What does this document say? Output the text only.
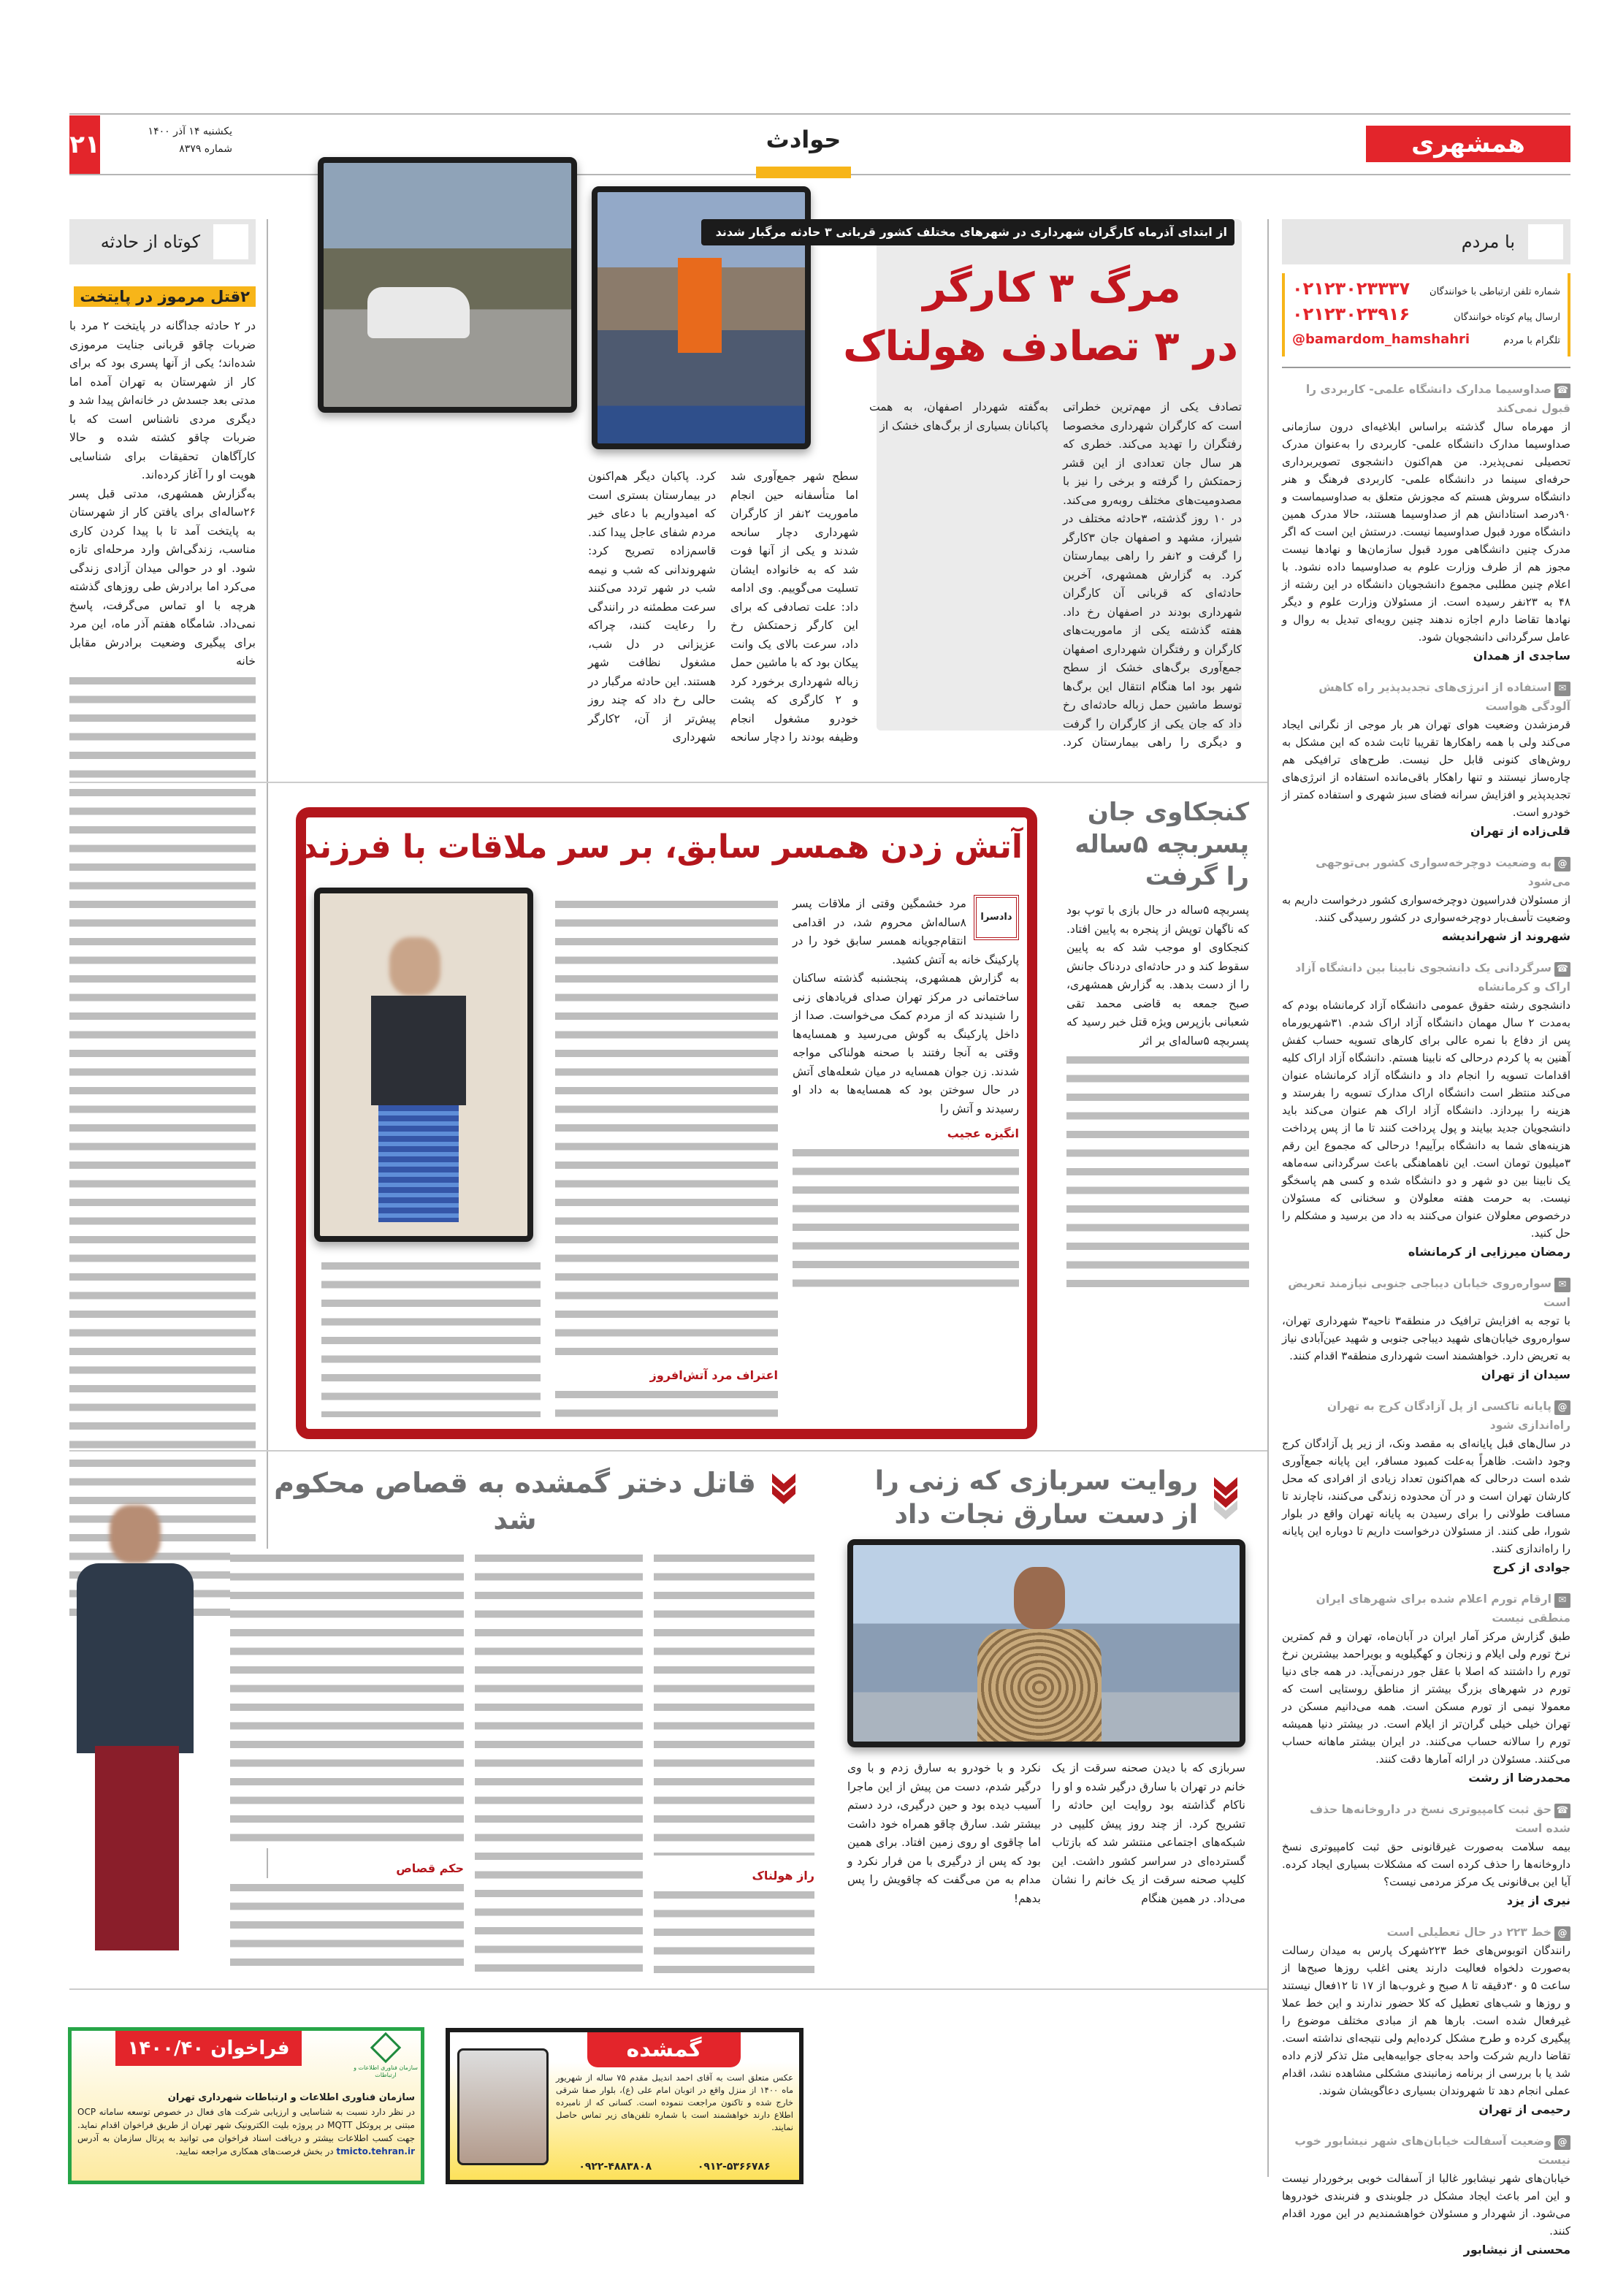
همشهری
۲۱	یکشنبه ۱۴ آذر ۱۴۰۰
شماره ۸۳۷۹	حوادث
با مردم
شماره تلفن ارتباطی با خوانندگان
۰۲۱۲۳۰۲۳۳۳۷
ارسال پیام کوتاه خوانندگان
۰۲۱۲۳۰۲۳۹۱۶
تلگرام با مردم
@bamardom_hamshahri
☎صداوسیما مدارک دانشگاه علمی- کاربردی را قبول نمی‌کند

از مهرماه سال گذشته براساس ابلاغیه‌ای درون سازمانی صداوسیما مدارک دانشگاه علمی- کاربردی را به‌عنوان مدرک تحصیلی نمی‌پذیرد. من هم‌اکنون دانشجوی تصویربرداری حرفه‌ای سینما در دانشگاه علمی- کاربردی فرهنگ و هنر دانشگاه سروش هستم که مجوزش متعلق به صداوسیماست و ۹۰درصد استادانش هم از صداوسیما هستند، حالا مدرک همین دانشگاه مورد قبول صداوسیما نیست. درستش این است که اگر مدرک چنین دانشگاهی مورد قبول سازمان‌ها و نهادها نیست مجوز هم از طرف وزارت علوم به صداوسیما داده نشود. با اعلام چنین مطلبی مجموع دانشجویان دانشگاه در این رشته از ۴۸ به ۲۳نفر رسیده است. از مسئولان وزارت علوم و دیگر نهادها تقاضا دارم اجازه ندهند چنین رویه‌ای تبدیل به روال و عامل سرگردانی دانشجویان شود.

ساجدی از همدان
✉استفاده از انرژی‌های تجدیدپذیر راه کاهش آلودگی هواست

قرمزشدن وضعیت هوای تهران هر بار موجی از نگرانی ایجاد می‌کند ولی با همه راهکارها تقریبا ثابت شده که این مشکل به روش‌های کنونی قابل حل نیست. طرح‌های ترافیکی هم چاره‌ساز نیستند و تنها راهکار باقی‌مانده استفاده از انرژی‌های تجدیدپذیر و افزایش سرانه فضای سبز شهری و استفاده کمتر از خودرو است.

قلی‌زاده از تهران
@به وضعیت دوچرخه‌سواری کشور بی‌توجهی می‌شود

از مسئولان فدراسیون دوچرخه‌سواری کشور درخواست داریم به وضعیت تأسف‌بار دوچرخه‌سواری در کشور رسیدگی کنند.

شهروند از شهراندیشه
☎سرگردانی یک دانشجوی نابینا بین دانشگاه آزاد اراک و کرمانشاه

دانشجوی رشته حقوق عمومی دانشگاه آزاد کرمانشاه بودم که به‌مدت ۲ سال مهمان دانشگاه آزاد اراک شدم. ۳۱شهریورماه پس از دفاع با نمره عالی برای کارهای تسویه حساب کفش آهنین به پا کردم درحالی که نابینا هستم. دانشگاه آزاد اراک کلیه اقدامات تسویه را انجام داد و دانشگاه آزاد کرمانشاه عنوان می‌کند منتظر است دانشگاه اراک مدارک تسویه را بفرستد و هزینه را بپردازد. دانشگاه آزاد اراک هم عنوان می‌کند باید دانشجویان جدید بیایند و پول پرداخت کنند تا ما از پس پرداخت هزینه‌های شما به دانشگاه برآییم! درحالی که مجموع این رقم ۳میلیون تومان است. این ناهماهنگی باعث سرگردانی سه‌ماهه یک نابینا بین دو شهر و دو دانشگاه شده و کسی هم پاسخگو نیست. به حرمت هفته معلولان و سخنانی که مسئولان درخصوص معلولان عنوان می‌کنند به داد من برسید و مشکلم را حل کنید.

رمضان میرزایی از کرمانشاه
✉سواره‌روی خیابان دیباجی جنوبی نیازمند تعریض است

با توجه به افزایش ترافیک در منطقه۳ ناحیه۳ شهرداری تهران، سواره‌روی خیابان‌های شهید دیباجی جنوبی و شهید عین‌آبادی نیاز به تعریض دارد. خواهشمند است شهرداری منطقه۳ اقدام کنند.

سیدان از تهران
@پایانه تاکسی از پل آزادگان کرج به تهران راه‌اندازی شود

در سال‌های قبل پایانه‌ای به مقصد ونک، از زیر پل آزادگان کرج وجود داشت. ظاهراً به‌علت کمبود مسافر، این پایانه جمع‌آوری شده است درحالی که هم‌اکنون تعداد زیادی از افرادی که محل کارشان تهران است و در آن محدوده زندگی می‌کنند، ناچارند تا مسافت طولانی را برای رسیدن به پایانه تهران واقع در بلوار شورا، طی کنند. از مسئولان درخواست داریم تا دوباره این پایانه را راه‌اندازی کنند.

جوادی از کرج
✉ارقام تورم اعلام شده برای شهرهای ایران منطقی نیست

طبق گزارش مرکز آمار ایران در آبان‌ماه، تهران و قم کمترین نرخ تورم ولی ایلام و زنجان و کهگیلویه و بویراحمد بیشترین نرخ تورم را داشتند که اصلا با عقل جور درنمی‌آید. در همه جای دنیا تورم در شهرهای بزرگ بیشتر از مناطق روستایی است که معمولا نیمی از تورم مسکن است. همه می‌دانیم مسکن در تهران خیلی خیلی گران‌تر از ایلام است. در بیشتر دنیا همیشه تورم را سالانه حساب می‌کنند. در ایران بیشتر ماهانه حساب می‌کنند. مسئولان در ارائه آمارها دقت کنند.

محمدرضا از رشت
☎حق ثبت کامپیوتری نسخ در داروخانه‌ها حذف شده است

بیمه سلامت به‌صورت غیرقانونی حق ثبت کامپیوتری نسخ داروخانه‌ها را حذف کرده است که مشکلات بسیاری ایجاد کرده. آیا این بی‌قانونی یک مرکز مردمی نیست؟

نیری از یزد
@خط ۲۲۳ در حال تعطیلی است

رانندگان اتوبوس‌های خط ۲۲۳شهرک پارس به میدان رسالت به‌صورت دلخواه فعالیت دارند یعنی اغلب روزها صبح‌ها از ساعت ۵ و ۳۰دقیقه تا ۸ صبح و غروب‌ها از ۱۷ تا ۱۲فعال نیستند و روزها و شب‌های تعطیل که کلا حضور ندارند و این خط عملا غیرفعال شده است. بارها هم از مبادی مختلف موضوع را پیگیری کرده و طرح مشکل کرده‌ایم ولی نتیجه‌ای نداشته است. تقاضا داریم شرکت واحد به‌جای جوابیه‌هایی مثل تذکر لازم داده شد یا با بررسی از برنامه زمانبندی مشکلی مشاهده نشد، اقدام عملی انجام دهد تا شهروندان بسیاری دعاگویشان شوند.

رحیمی از تهران
@وضعیت آسفالت خیابان‌های شهر نیشابور خوب نیست

خیابان‌های شهر نیشابور غالبا از آسفالت خوبی برخوردار نیست و این امر باعث ایجاد مشکل در جلوبندی و فنربندی خودروها می‌شود. از شهردار و مسئولان خواهشمندیم در این مورد اقدام کنند.

محسنی از نیشابور
کوتاه از حادثه
۲قتل مرموز در پایتخت

در ۲ حادثه جداگانه در پایتخت ۲ مرد با ضربات چاقو قربانی جنایت مرموزی شده‌اند؛ یکی از آنها پسری بود که برای کار از شهرستان به تهران آمده اما مدتی بعد جسدش در خانه‌اش پیدا شد و دیگری مردی ناشناس است که با ضربات چاقو کشته شده و حالا کارآگاهان تحقیقات برای شناسایی هویت او را آغاز کرده‌اند.

به‌گزارش همشهری، مدتی قبل پسر ۲۶ساله‌ای برای یافتن کار از شهرستان به پایتخت آمد تا با پیدا کردن کاری مناسب، زندگی‌اش وارد مرحله‌ای تازه شود. او در حوالی میدان آزادی زندگی می‌کرد اما برادرش طی روزهای گذشته هرچه با او تماس می‌گرفت، پاسخ نمی‌داد. شامگاه هفتم آذر ماه، این مرد برای پیگیری وضعیت برادرش مقابل خانه

از ابتدای آذرماه کارگران شهرداری در شهرهای مختلف کشور قربانی ۳ حادثه مرگبار شدند
مرگ ۳ کارگر
در ۳ تصادف هولناک
تصادف یکی از مهم‌ترین خطراتی است که کارگران شهرداری مخصوصا رفتگران را تهدید می‌کند. خطری که هر سال جان تعدادی از این قشر زحمتکش را گرفته و برخی را نیز با مصدومیت‌های مختلف روبه‌رو می‌کند. در ۱۰ روز گذشته، ۳حادثه مختلف در شیراز، مشهد و اصفهان جان ۳کارگر را گرفت و ۲نفر را راهی بیمارستان کرد. به گزارش همشهری، آخرین حادثه‌ای که قربانی آن کارگران شهرداری بودند در اصفهان رخ داد. هفته گذشته یکی از ماموریت‌های کارگران و رفتگران شهرداری اصفهان جمع‌آوری برگ‌های خشک از سطح شهر بود اما هنگام انتقال این برگ‌ها توسط ماشین حمل زباله حادثه‌ای رخ داد که جان یکی از کارگران را گرفت و دیگری را راهی بیمارستان کرد. به‌گفته شهردار اصفهان، به همت پاکبانان بسیاری از برگ‌های خشک از
سطح شهر جمع‌آوری شد اما متأسفانه حین انجام ماموریت ۲نفر از کارگران شهرداری دچار سانحه شدند و یکی از آنها فوت شد که به خانواده ایشان تسلیت می‌گوییم. وی ادامه داد: علت تصادفی که برای این کارگر زحمتکش رخ داد، سرعت بالای یک وانت پیکان بود که با ماشین حمل زباله شهرداری برخورد کرد و ۲ کارگری که پشت خودرو مشغول انجام وظیفه بودند را دچار سانحه کرد. پاکبان دیگر هم‌اکنون در بیمارستان بستری است که امیدواریم با دعای خیر مردم شفای عاجل پیدا کند. قاسم‌زاده تصریح کرد: شهروندانی که شب و نیمه شب در شهر تردد می‌کنند سرعت مطمئنه در رانندگی را رعایت کنند، چراکه عزیزانی در دل شب، مشغول نظافت شهر هستند. این حادثه مرگبار در حالی رخ داد که چند روز پیش‌تر از آن، ۲کارگر شهرداری
آتش زدن همسر سابق، بر سر ملاقات با فرزند
دادسرا

مرد خشمگین وقتی از ملاقات پسر ۸ساله‌اش محروم شد، در اقدامی انتقام‌جویانه همسر سابق خود را در پارکینگ خانه به آتش کشید.

به گزارش همشهری، پنجشنبه گذشته ساکنان ساختمانی در مرکز تهران صدای فریادهای زنی را شنیدند که از مردم کمک می‌خواست. صدا از داخل پارکینگ به گوش می‌رسید و همسایه‌ها وقتی به آنجا رفتند با صحنه هولناکی مواجه شدند. زن جوان همسایه در میان شعله‌های آتش در حال سوختن بود که همسایه‌ها به داد او رسیدند و آتش را

انگیزه عجیب
اعتراف مرد آتش‌افروز
کنجکاوی جان پسربچه ۵ساله را گرفت

پسربچه ۵ساله در حال بازی با توپ بود که ناگهان توپش از پنجره به پایین افتاد. کنجکاوی او موجب شد که به پایین سقوط کند و در حادثه‌ای دردناک جانش را از دست بدهد. به گزارش همشهری، صبح جمعه به قاضی محمد تقی شعبانی بازپرس ویژه قتل خبر رسید که پسربچه ۵ساله‌ای بر اثر

روایت سربازی که زنی را از دست سارق نجات داد

سربازی که با دیدن صحنه سرقت از یک خانم در تهران با سارق درگیر شده و او را ناکام گذاشته بود روایت این حادثه را تشریح کرد. از چند روز پیش کلیپی در شبکه‌های اجتماعی منتشر شد که بازتاب گسترده‌ای در سراسر کشور داشت. این کلیپ صحنه سرقت از یک خانم را نشان می‌داد. در همین هنگام

نکرد و با خودرو به سارق زدم و با وی درگیر شدم، دست من پیش از این ماجرا آسیب دیده بود و حین درگیری، درد دستم بیشتر شد. سارق چاقو همراه خود داشت اما چاقوی او روی زمین افتاد. برای همین بود که پس از درگیری با من فرار نکرد و مدام به من می‌گفت که چاقویش را پس بدهم!

قاتل دختر گمشده به قصاص محکوم شد
راز هولناک
حکم قصاص
فراخوان ۱۴۰۰/۴۰
سازمان فناوری اطلاعات و ارتباطات
سازمان فناوری اطلاعات و ارتباطات شهرداری تهران
در نظر دارد نسبت به شناسایی و ارزیابی شرکت های فعال در خصوص توسعه سامانه OCP مبتنی بر پروتکل MQTT در پروژه بلیت الکترونیک شهر تهران از طریق فراخوان اقدام نماید. جهت کسب اطلاعات بیشتر و دریافت اسناد فراخوان می توانید به پرتال سازمان به آدرس tmicto.tehran.ir در بخش فرصت‌های همکاری مراجعه نمایید.
گمشده
عکس متعلق است به آقای احمد اندیبل مقدم ۷۵ ساله از شهریور ماه ۱۴۰۰ از منزل واقع در اتوبان امام علی (ع)، بلوار صفا شرقی خارج شده و تاکنون مراجعت ننموده است. کسانی که از نامبرده اطلاع دارند خواهشمند است با شماره تلفن‌های زیر تماس حاصل نمایند.
۰۹۱۲-۵۳۶۶۷۸۶
۰۹۲۲-۴۸۸۳۸۰۸
